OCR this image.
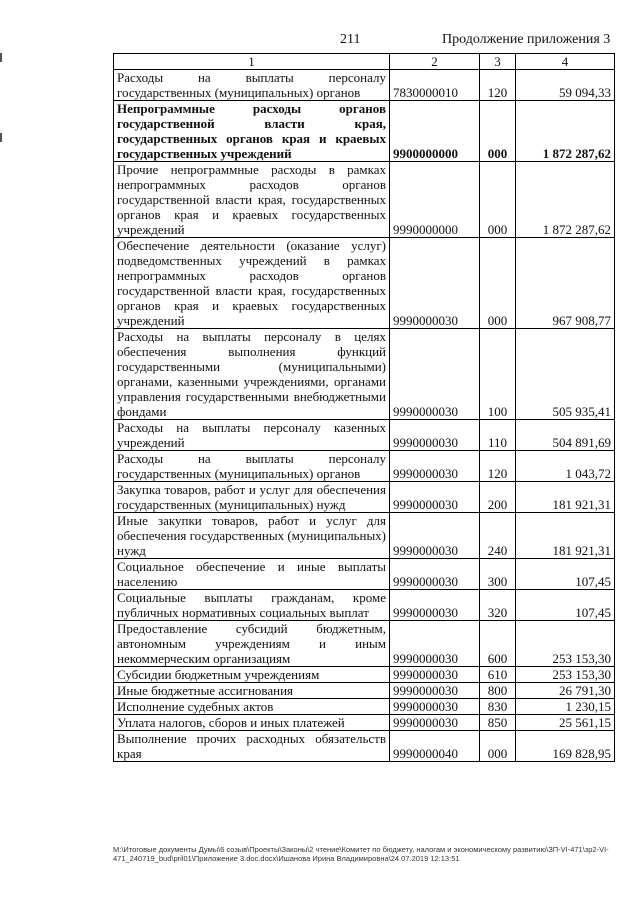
211	Продолжение приложения 3
1	2	3	4
Расходы на выплаты персоналу государственных (муниципальных) органов	7830000010	120	59 094,33
Непрограммные расходы органов государственной власти края, государственных органов края и краевых государственных учреждений	9900000000	000	1 872 287,62
Прочие непрограммные расходы в рамках непрограммных расходов органов государственной власти края, государственных органов края и краевых государственных учреждений	9990000000	000	1 872 287,62
Обеспечение деятельности (оказание услуг) подведомственных учреждений в рамках непрограммных расходов органов государственной власти края, государственных органов края и краевых государственных учреждений	9990000030	000	967 908,77
Расходы на выплаты персоналу в целях обеспечения выполнения функций государственными (муниципальными) органами, казенными учреждениями, органами управления государственными внебюджетными фондами	9990000030	100	505 935,41
Расходы на выплаты персоналу казенных учреждений	9990000030	110	504 891,69
Расходы на выплаты персоналу государственных (муниципальных) органов	9990000030	120	1 043,72
Закупка товаров, работ и услуг для обеспечения государственных (муниципальных) нужд	9990000030	200	181 921,31
Иные закупки товаров, работ и услуг для обеспечения государственных (муниципальных) нужд	9990000030	240	181 921,31
Социальное обеспечение и иные выплаты населению	9990000030	300	107,45
Социальные выплаты гражданам, кроме публичных нормативных социальных выплат	9990000030	320	107,45
Предоставление субсидий бюджетным, автономным учреждениям и иным некоммерческим организациям	9990000030	600	253 153,30
Субсидии бюджетным учреждениям	9990000030	610	253 153,30
Иные бюджетные ассигнования	9990000030	800	26 791,30
Исполнение судебных актов	9990000030	830	1 230,15
Уплата налогов, сборов и иных платежей	9990000030	850	25 561,15
Выполнение прочих расходных обязательств края	9990000040	000	169 828,95
M:\Итоговые документы Думы\6 созыв\Проекты\Законы\2 чтение\Комитет по бюджету, налогам и экономическому развитию\ЗП-VI-471\зр2-VI-471_240719_bud\pril01\Приложение 3.doc.docx\Ишанова Ирина Владимировна\24.07.2019 12:13:51
